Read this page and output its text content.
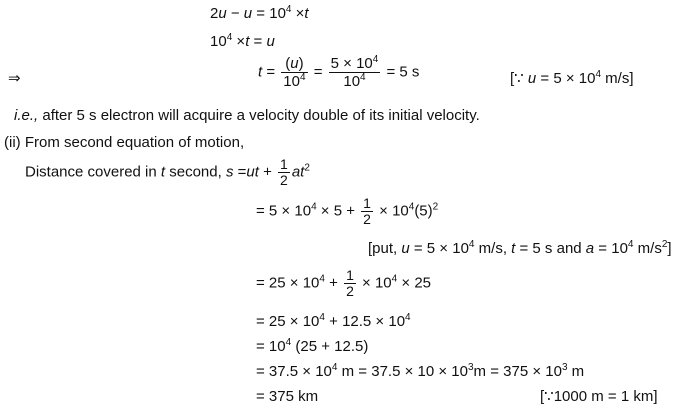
$2u - u = 10^4 \times t$
$10^4 \times t = u$
⇒	$t = \frac{(u)}{10^4} = \frac{5 \times 10^4}{10^4} = 5$ s	[∵ $u = 5 \times 10^4$ m/s]
i.e., after 5 s electron will acquire a velocity double of its initial velocity.
(ii) From second equation of motion,
Distance covered in t second, $s =ut + \frac{1}{2} at^2$
= $5 \times 10^4 \times 5 + \frac{1}{2} \times 10^4(5)^2$
[put, $u = 5 \times 10^4$ m/s, t = 5 s and $a = 10^4$ $m/s^2$]
= $25 \times 10^4 + \frac{1}{2} \times 10^4 \times 25$
= $25 \times 10^4 + 12.5 \times 10^4$
= $10^4$ (25 + 12.5)
= $37.5 \times 10^4$ $m = 37.5 \times 10 \times 10^3m = 375 \times 10^3$ m
= 375 km	[∵1000 m = 1 km]
